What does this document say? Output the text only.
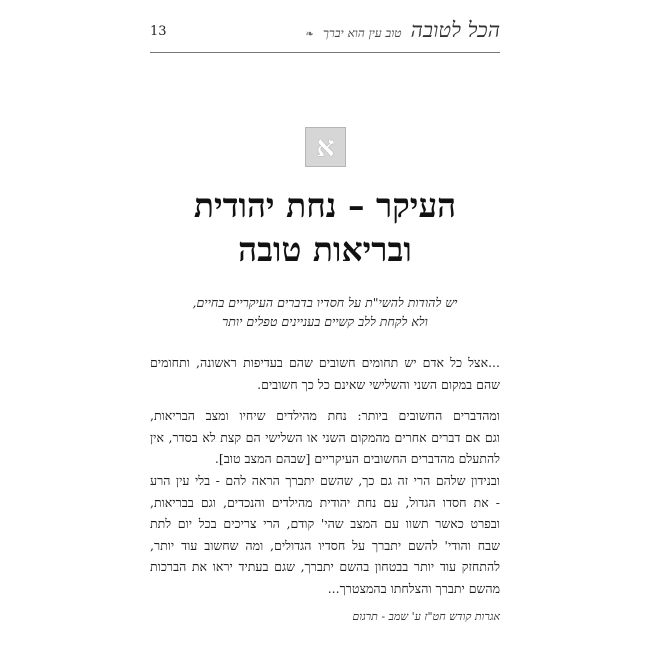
13	הכל לטובה טוב עין הוא יברך ❧
א
העיקר – נחת יהודית
ובריאות טובה
יש להודות להשי"ת על חסדיו בדברים העיקריים בחיים,
ולא לקחת ללב קשיים בעניינים טפלים יותר
...אצל כל אדם יש תחומים חשובים שהם בעדיפות ראשונה, ותחומים
שהם במקום השני והשלישי שאינם כל כך חשובים.
ומהדברים החשובים ביותר: נחת מהילדים שיחיו ומצב הבריאות,
וגם אם דברים אחרים מהמקום השני או השלישי הם קצת לא בסדר, אין
להתעלם מהדברים החשובים העיקריים [שבהם המצב טוב].
ובנידון שלהם הרי זה גם כך, שהשם יתברך הראה להם - בלי עין הרע
- את חסדו הגדול, עם נחת יהודית מהילדים והנכדים, וגם בבריאות,
ובפרט כאשר תשוו עם המצב שהי' קודם, הרי צריכים בכל יום לתת
שבח והודי' להשם יתברך על חסדיו הגדולים, ומה שחשוב עוד יותר,
להתחזק עוד יותר בבטחון בהשם יתברך, שגם בעתיד יראו את הברכות
מהשם יתברך והצלחתו בהמצטרך...
אגרות קודש חט"ז ע' שמב - תרגום
